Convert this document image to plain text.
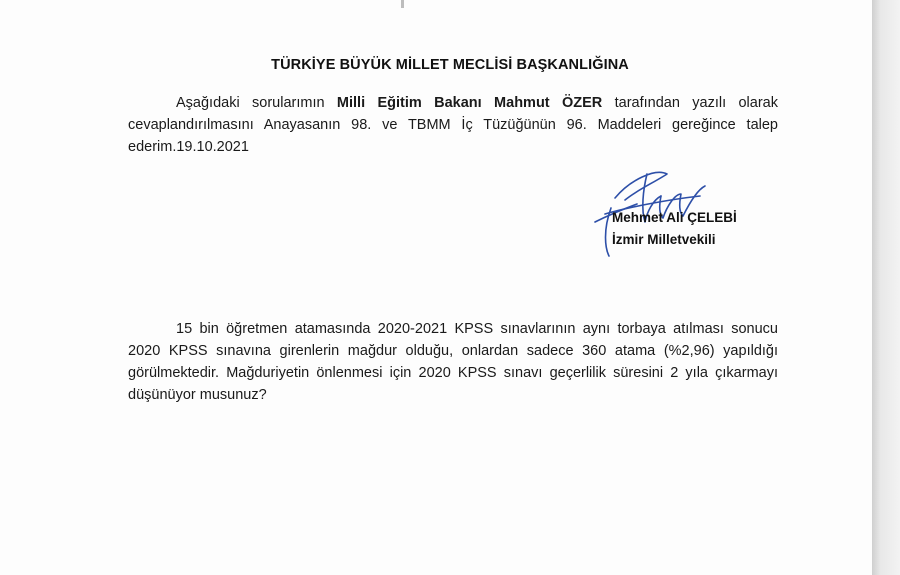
TÜRKİYE BÜYÜK MİLLET MECLİSİ BAŞKANLIĞINA

Aşağıdaki sorularımın Milli Eğitim Bakanı Mahmut ÖZER tarafından yazılı olarak cevaplandırılmasını Anayasanın 98. ve TBMM İç Tüzüğünün 96. Maddeleri gereğince talep ederim.19.10.2021

Mehmet Ali ÇELEBİ
İzmir Milletvekili

15 bin öğretmen atamasında 2020-2021 KPSS sınavlarının aynı torbaya atılması sonucu 2020 KPSS sınavına girenlerin mağdur olduğu, onlardan sadece 360 atama (%2,96) yapıldığı görülmektedir. Mağduriyetin önlenmesi için 2020 KPSS sınavı geçerlilik süresini 2 yıla çıkarmayı düşünüyor musunuz?
